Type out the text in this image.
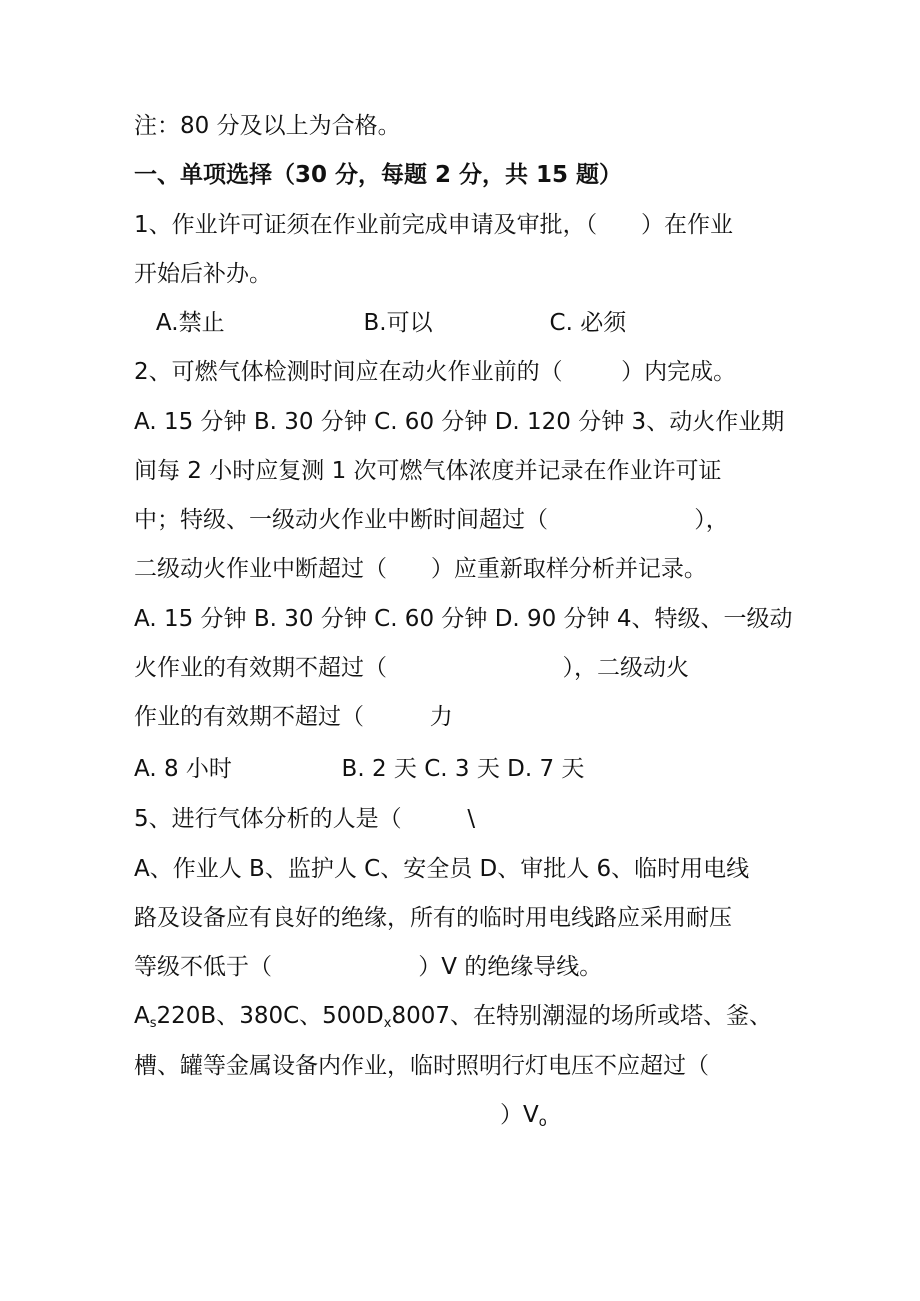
注：80 分及以上为合格。
一、单项选择（30 分，每题 2 分，共 15 题）
1、作业许可证须在作业前完成申请及审批，（      ）在作业
开始后补办。
A.禁止                   B.可以                C. 必须
2、可燃气体检测时间应在动火作业前的（        ）内完成。
A. 15 分钟 B. 30 分钟 C. 60 分钟 D. 120 分钟 3、动火作业期
间每 2 小时应复测 1 次可燃气体浓度并记录在作业许可证
中；特级、一级动火作业中断时间超过（                    ），
二级动火作业中断超过（      ）应重新取样分析并记录。
A. 15 分钟 B. 30 分钟 C. 60 分钟 D. 90 分钟 4、特级、一级动
火作业的有效期不超过（                        ），二级动火
作业的有效期不超过（         力
A. 8 小时               B. 2 天 C. 3 天 D. 7 天
5、进行气体分析的人是（         \
A、作业人 B、监护人 C、安全员 D、审批人 6、临时用电线
路及设备应有良好的绝缘，所有的临时用电线路应采用耐压
等级不低于（                    ）V 的绝缘导线。
$A_s220B$、380C、$500D_x8007$、在特别潮湿的场所或塔、釜、
槽、罐等金属设备内作业，临时照明行灯电压不应超过（
）$V_o$
